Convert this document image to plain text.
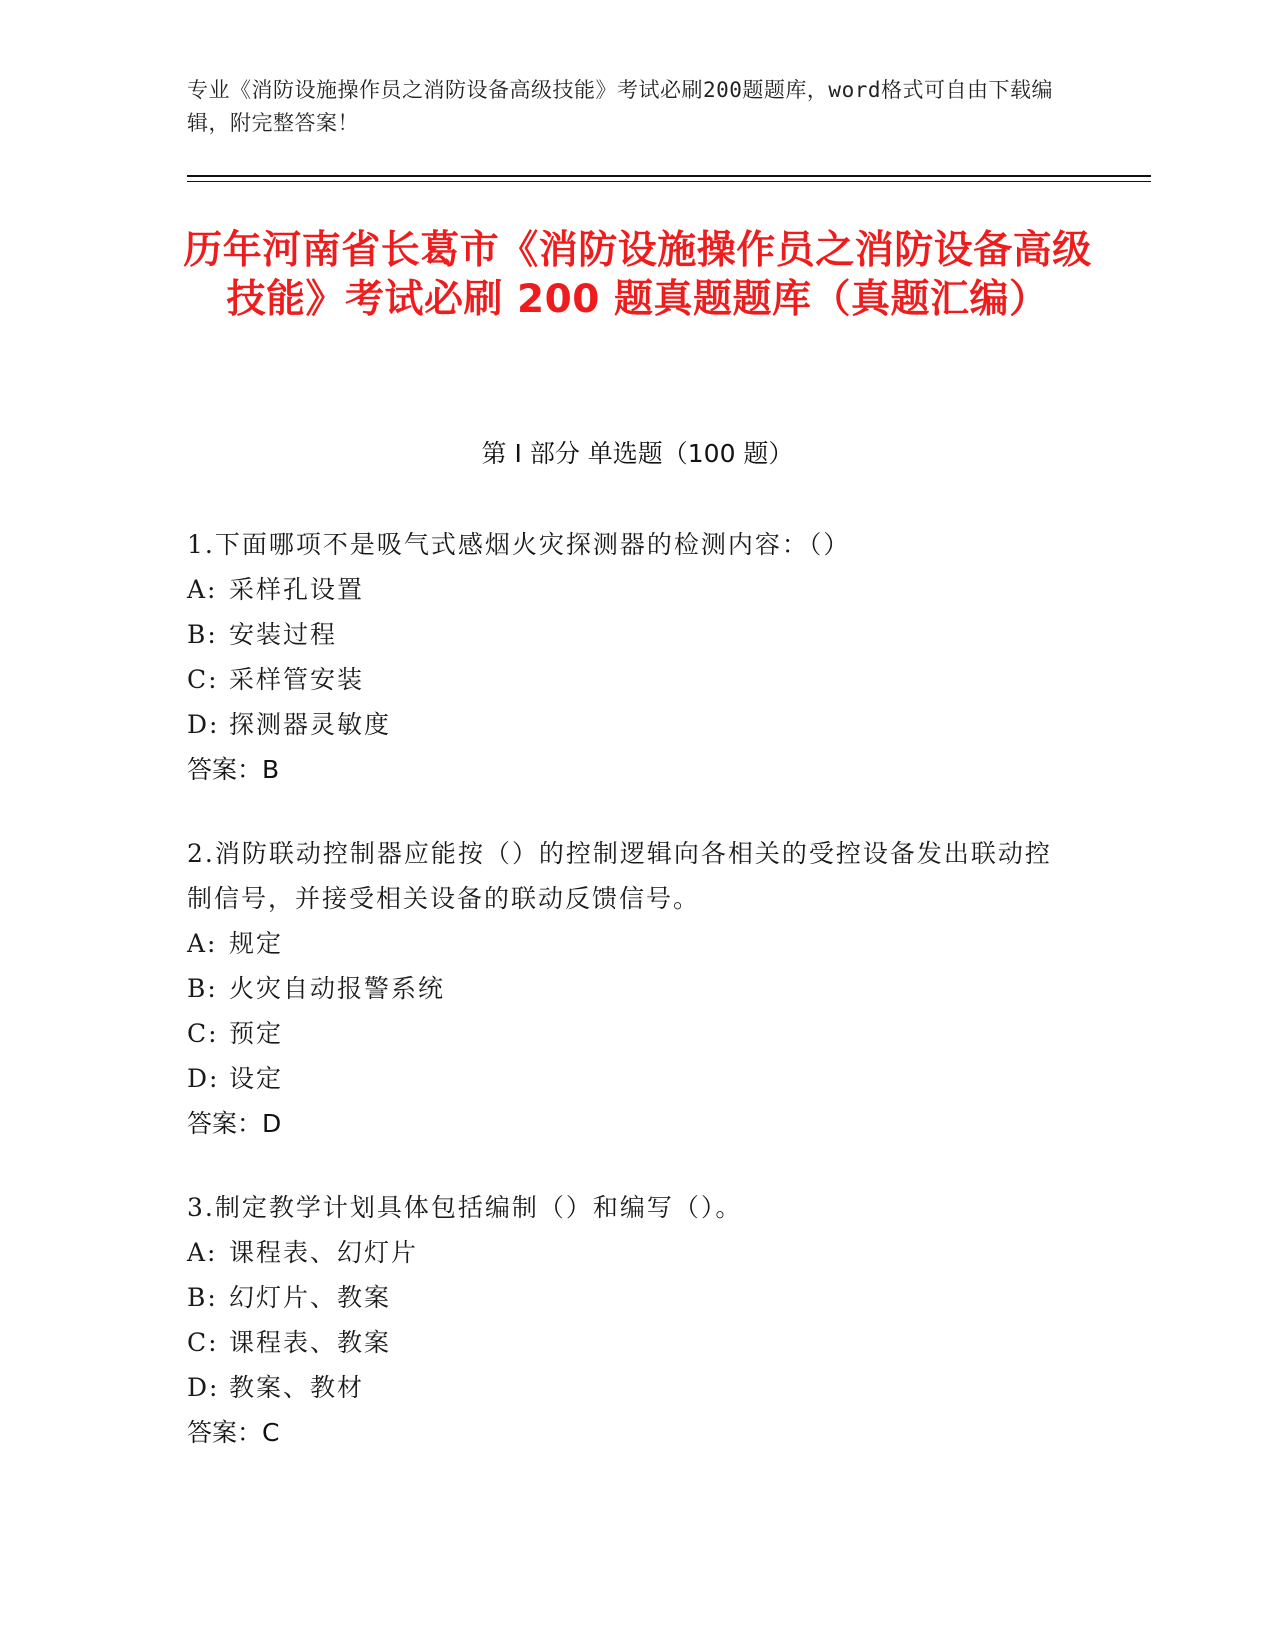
专业《消防设施操作员之消防设备高级技能》考试必刷200题题库，word格式可自由下载编辑，附完整答案！
历年河南省长葛市《消防设施操作员之消防设备高级技能》考试必刷 200 题真题题库（真题汇编）
第 I 部分 单选题（100 题）
1.下面哪项不是吸气式感烟火灾探测器的检测内容：（）
A: 采样孔设置
B: 安装过程
C: 采样管安装
D: 探测器灵敏度
答案：B
2.消防联动控制器应能按（）的控制逻辑向各相关的受控设备发出联动控制信号，并接受相关设备的联动反馈信号。
A: 规定
B: 火灾自动报警系统
C: 预定
D: 设定
答案：D
3.制定教学计划具体包括编制（）和编写（）。
A: 课程表、幻灯片
B: 幻灯片、教案
C: 课程表、教案
D: 教案、教材
答案：C
